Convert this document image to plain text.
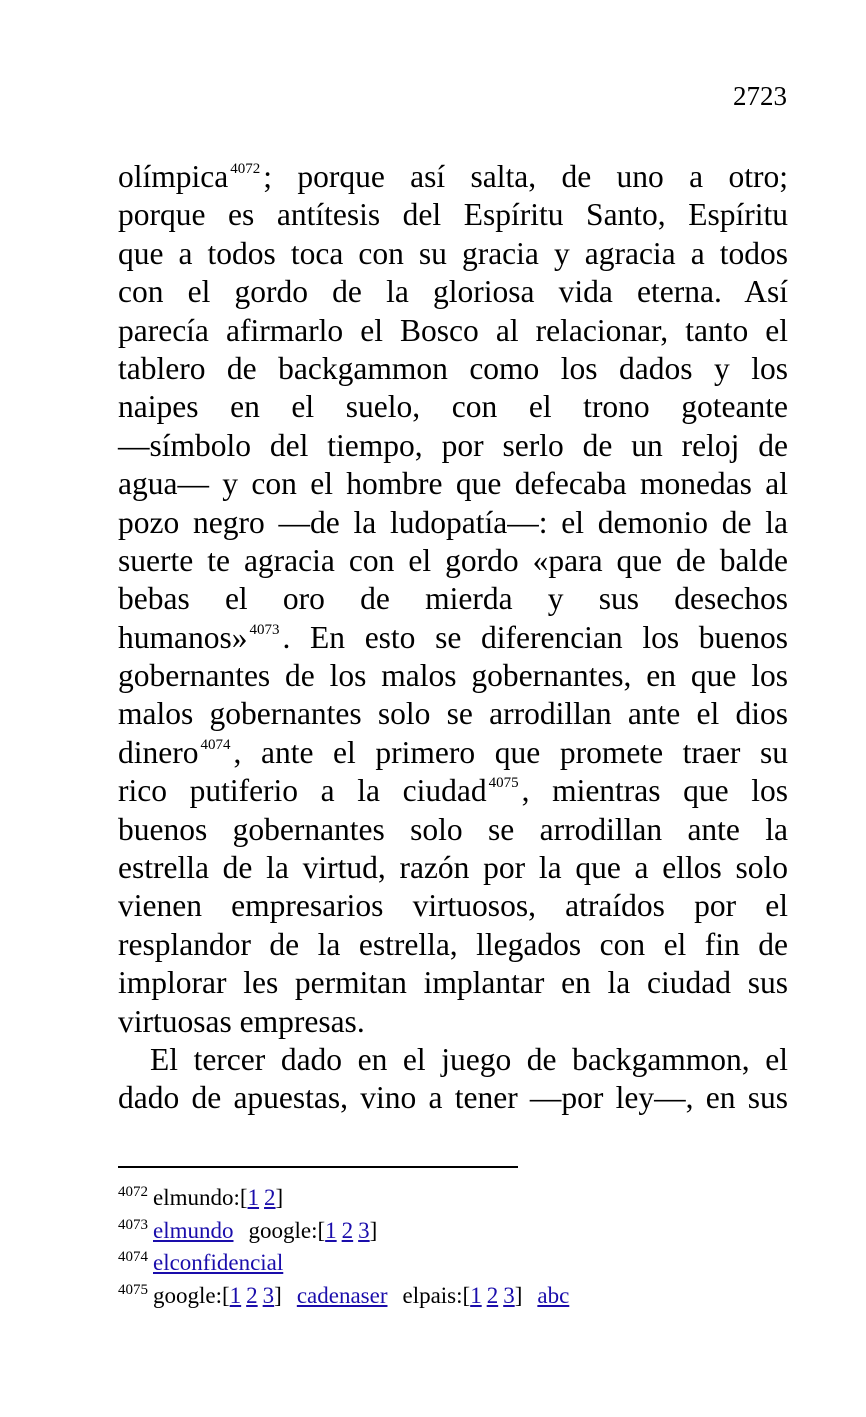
2723
olímpica $^{4072}$; porque así salta, de uno a otro;
porque es antítesis del Espíritu Santo, Espíritu
que a todos toca con su gracia y agracia a todos
con el gordo de la gloriosa vida eterna. Así
parecía afirmarlo el Bosco al relacionar, tanto el
tablero de backgammon como los dados y los
naipes en el suelo, con el trono goteante
—símbolo del tiempo, por serlo de un reloj de
agua— y con el hombre que defecaba monedas al
pozo negro —de la ludopatía—: el demonio de la
suerte te agracia con el gordo «para que de balde
bebas el oro de mierda y sus desechos
humanos» $^{4073}$. En esto se diferencian los buenos
gobernantes de los malos gobernantes, en que los
malos gobernantes solo se arrodillan ante el dios
dinero $^{4074}$, ante el primero que promete traer su
rico putiferio a la ciudad $^{4075}$, mientras que los
buenos gobernantes solo se arrodillan ante la
estrella de la virtud, razón por la que a ellos solo
vienen empresarios virtuosos, atraídos por el
resplandor de la estrella, llegados con el fin de
implorar les permitan implantar en la ciudad sus
virtuosas empresas.
El tercer dado en el juego de backgammon, el
dado de apuestas, vino a tener —por ley—, en sus
$^{4072}$ elmundo:[1 2]
$^{4073}$ elmundo google:[1 2 3]
$^{4074}$ elconfidencial
$^{4075}$ google:[1 2 3] cadenaser elpais:[1 2 3] abc
